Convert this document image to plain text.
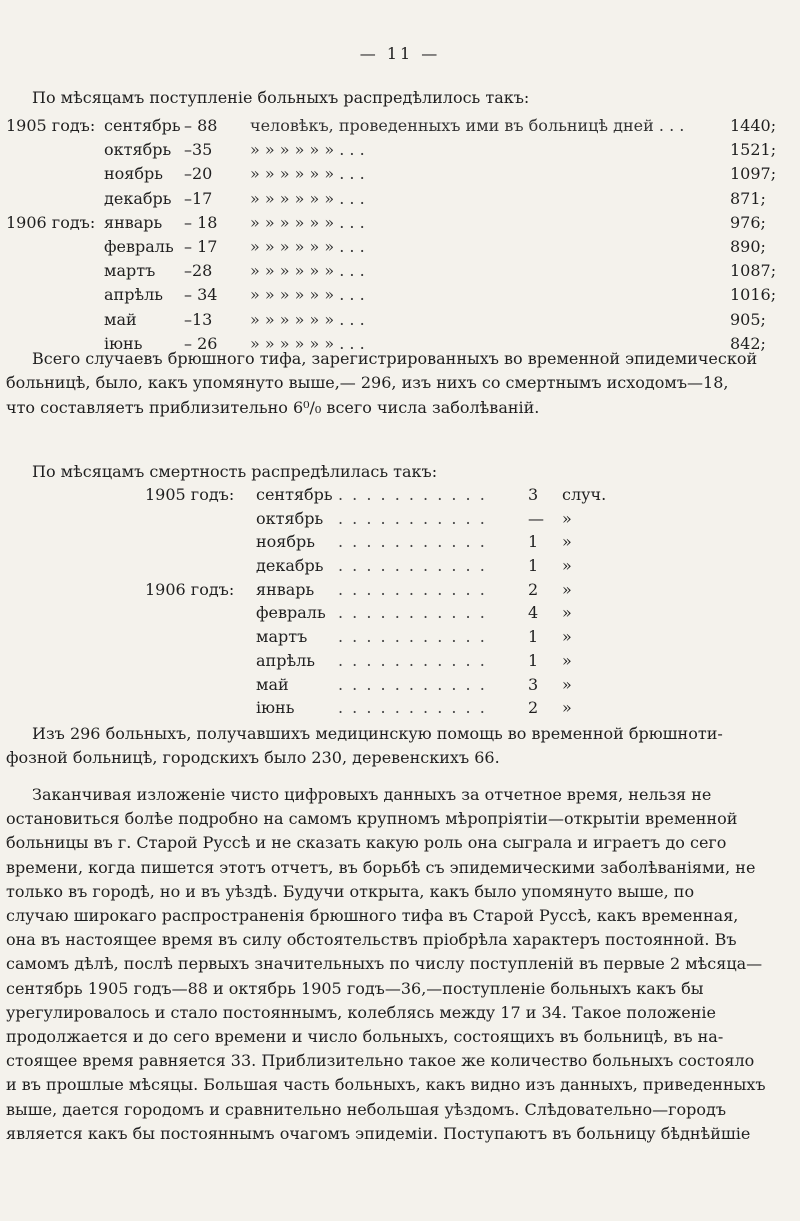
— 11 —
По мѣсяцамъ поступленіе больныхъ распредѣлилось такъ:
1905 годъ: сентябрь – 88 человѣкъ, проведенныхъ ими въ больницѣ дней . . .	1440;
октябрь –35 » » » » » » . . .	1521;
ноябрь –20 » » » » » » . . .	1097;
декабрь –17 » » » » » » . . .	871;
1906 годъ: январь – 18 » » » » » » . . .	976;
февраль – 17 » » » » » » . . .	890;
мартъ –28 » » » » » » . . .	1087;
апрѣль – 34 » » » » » » . . .	1016;
май	–13 » » » » » » . . .	905;
іюнь	– 26 » » » » » » . . .	842;
Всего случаевъ брюшного тифа, зарегистрированныхъ во временной эпидемической
больницѣ, было, какъ упомянуто выше,— 296, изъ нихъ со смертнымъ исходомъ—18,
что составляетъ приблизительно 6⁰/₀ всего числа заболѣваній.
По мѣсяцамъ смертность распредѣлилась такъ:
1905 годъ: сентябрь . . . . . . . . . . .	3 случ.
октябрь . . . . . . . . . . .	— »
ноябрь . . . . . . . . . . .	1 »
декабрь . . . . . . . . . . .	1 »
1906 годъ: январь . . . . . . . . . . .	2 »
февраль . . . . . . . . . . .	4 »
мартъ . . . . . . . . . . .	1 »
апрѣль . . . . . . . . . . .	1 »
май	. . . . . . . . . . .	3 »
іюнь	. . . . . . . . . . .	2 »
Изъ 296 больныхъ, получавшихъ медицинскую помощь во временной брюшноти-
фозной больницѣ, городскихъ было 230, деревенскихъ 66.
Заканчивая изложеніе чисто цифровыхъ данныхъ за отчетное время, нельзя не
остановиться болѣе подробно на самомъ крупномъ мѣропріятіи—открытіи временной
больницы въ г. Старой Руссѣ и не сказать какую роль она сыграла и играетъ до сего
времени, когда пишется этотъ отчетъ, въ борьбѣ съ эпидемическими заболѣваніями, не
только въ городѣ, но и въ уѣздѣ. Будучи открыта, какъ было упомянуто выше, по
случаю широкаго распространенія брюшного тифа въ Старой Руссѣ, какъ временная,
она въ настоящее время въ силу обстоятельствъ пріобрѣла характеръ постоянной. Въ
самомъ дѣлѣ, послѣ первыхъ значительныхъ по числу поступленій въ первые 2 мѣсяца—
сентябрь 1905 годъ—88 и октябрь 1905 годъ—36,—поступленіе больныхъ какъ бы
урегулировалось и стало постояннымъ, колеблясь между 17 и 34. Такое положеніе
продолжается и до сего времени и число больныхъ, состоящихъ въ больницѣ, въ на-
стоящее время равняется 33. Приблизительно такое же количество больныхъ состояло
и въ прошлые мѣсяцы. Большая часть больныхъ, какъ видно изъ данныхъ, приведенныхъ
выше, дается городомъ и сравнительно небольшая уѣздомъ. Слѣдовательно—городъ
является какъ бы постояннымъ очагомъ эпидеміи. Поступаютъ въ больницу бѣднѣйшіе
